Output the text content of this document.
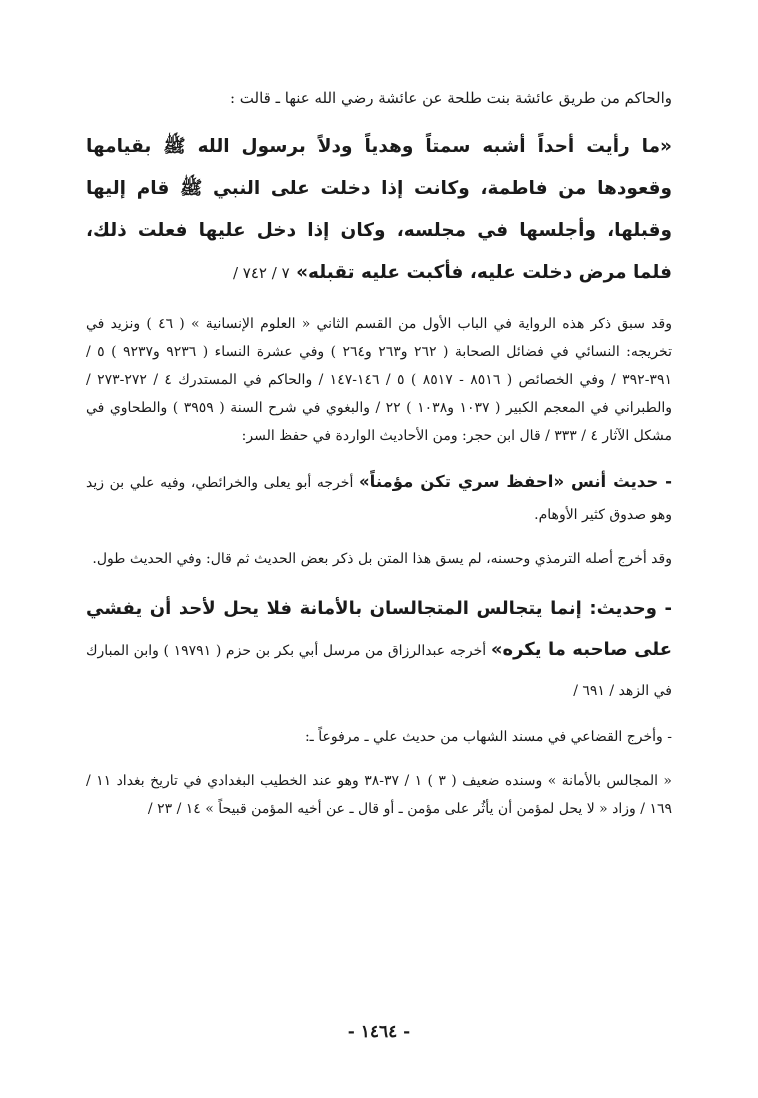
والحاكم من طريق عائشة بنت طلحة عن عائشة رضي الله عنها ـ قالت :

«ما رأيت أحداً أشبه سمتاً وهدياً ودلاً برسول الله ﷺ بقيامها وقعودها من فاطمة، وكانت إذا دخلت على النبي ﷺ قام إليها وقبلها، وأجلسها في مجلسه، وكان إذا دخل عليها فعلت ذلك، فلما مرض دخلت عليه، فأكبت عليه تقبله» ٧ / ٧٤٢ /

وقد سبق ذكر هذه الرواية في الباب الأول من القسم الثاني « العلوم الإنسانية » ( ٤٦ ) ونزيد في تخريجه: النسائي في فضائل الصحابة ( ٢٦٢ و٢٦٣ و٢٦٤ ) وفي عشرة النساء ( ٩٢٣٦ و٩٢٣٧ ) ٥ / ٣٩١-٣٩٢ / وفي الخصائص ( ٨٥١٦ - ٨٥١٧ ) ٥ / ١٤٦-١٤٧ / والحاكم في المستدرك ٤ / ٢٧٢-٢٧٣ / والطبراني في المعجم الكبير ( ١٠٣٧ و١٠٣٨ ) ٢٢ / والبغوي في شرح السنة ( ٣٩٥٩ ) والطحاوي في مشكل الآثار ٤ / ٣٣٣ / قال ابن حجر: ومن الأحاديث الواردة في حفظ السر:

- حديث أنس «احفظ سري تكن مؤمناً» أخرجه أبو يعلى والخرائطي، وفيه علي بن زيد وهو صدوق كثير الأوهام.

وقد أخرج أصله الترمذي وحسنه، لم يسق هذا المتن بل ذكر بعض الحديث ثم قال: وفي الحديث طول.

- وحديث: إنما يتجالس المتجالسان بالأمانة فلا يحل لأحد أن يفشي على صاحبه ما يكره» أخرجه عبدالرزاق من مرسل أبي بكر بن حزم ( ١٩٧٩١ ) وابن المبارك في الزهد / ٦٩١ /

- وأخرج القضاعي في مسند الشهاب من حديث علي ـ مرفوعاً ـ:

« المجالس بالأمانة » وسنده ضعيف ( ٣ ) ١ / ٣٧-٣٨ وهو عند الخطيب البغدادي في تاريخ بغداد ١١ / ١٦٩ / وزاد « لا يحل لمؤمن أن يأثُر على مؤمن ـ أو قال ـ عن أخيه المؤمن قبيحاً » ١٤ / ٢٣ /

- ١٤٦٤ -
